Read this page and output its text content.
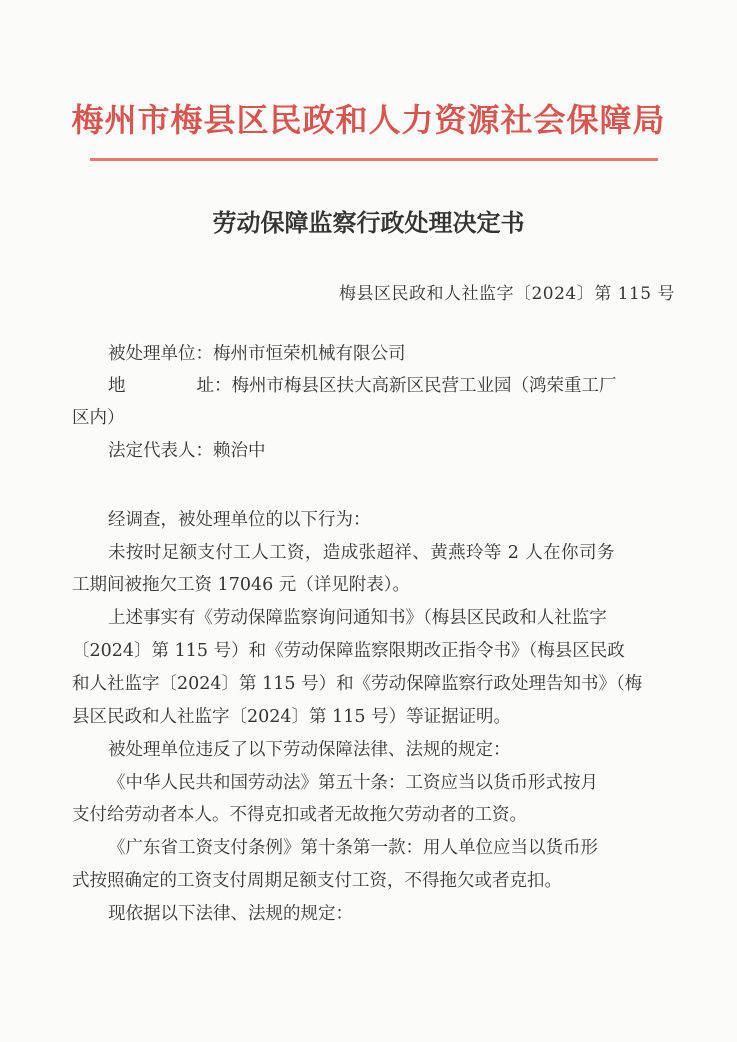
梅州市梅县区民政和人力资源社会保障局
劳动保障监察行政处理决定书
梅县区民政和人社监字〔2024〕第 115 号
被处理单位：梅州市恒荣机械有限公司
地址：梅州市梅县区扶大高新区民营工业园（鸿荣重工厂
区内）
法定代表人：赖治中
经调查，被处理单位的以下行为：
未按时足额支付工人工资，造成张超祥、黄燕玲等 2 人在你司务
工期间被拖欠工资 17046 元（详见附表）。
上述事实有《劳动保障监察询问通知书》（梅县区民政和人社监字
〔2024〕第 115 号）和《劳动保障监察限期改正指令书》（梅县区民政
和人社监字〔2024〕第 115 号）和《劳动保障监察行政处理告知书》（梅
县区民政和人社监字〔2024〕第 115 号）等证据证明。
被处理单位违反了以下劳动保障法律、法规的规定：
《中华人民共和国劳动法》第五十条：工资应当以货币形式按月
支付给劳动者本人。不得克扣或者无故拖欠劳动者的工资。
《广东省工资支付条例》第十条第一款：用人单位应当以货币形
式按照确定的工资支付周期足额支付工资，不得拖欠或者克扣。
现依据以下法律、法规的规定：
